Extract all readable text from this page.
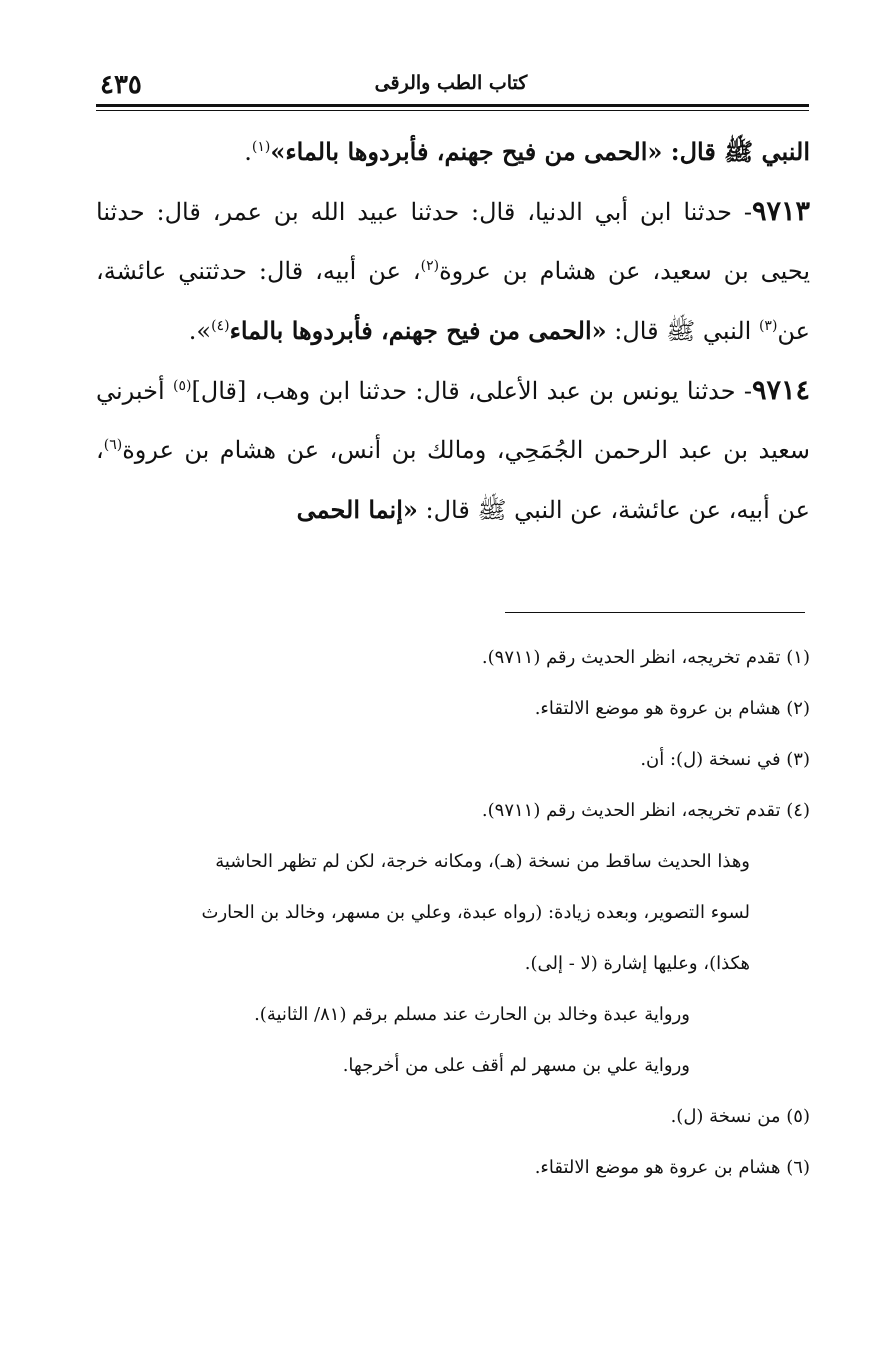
كتاب الطب والرقى
٤٣٥

النبي ﷺ قال: «الحمى من فيح جهنم، فأبردوها بالماء»$^{(١)}$.

٩٧١٣- حدثنا ابن أبي الدنيا، قال: حدثنا عبيد الله بن عمر، قال: حدثنا يحيى بن سعيد، عن هشام بن عروة$^{(٢)}$، عن أبيه، قال: حدثتني عائشة، عن$^{(٣)}$ النبي ﷺ قال: «الحمى من فيح جهنم، فأبردوها بالماء$^{(٤)}$».

٩٧١٤- حدثنا يونس بن عبد الأعلى، قال: حدثنا ابن وهب، [قال]$^{(٥)}$ أخبرني سعيد بن عبد الرحمن الجُمَحِي، ومالك بن أنس، عن هشام بن عروة$^{(٦)}$، عن أبيه، عن عائشة، عن النبي ﷺ قال: «إنما الحمى

(١) تقدم تخريجه، انظر الحديث رقم (٩٧١١).

(٢) هشام بن عروة هو موضع الالتقاء.

(٣) في نسخة (ل): أن.

(٤) تقدم تخريجه، انظر الحديث رقم (٩٧١١).

وهذا الحديث ساقط من نسخة (هـ)، ومكانه خرجة، لكن لم تظهر الحاشية

لسوء التصوير، وبعده زيادة: (رواه عبدة، وعلي بن مسهر، وخالد بن الحارث

هكذا)، وعليها إشارة (لا - إلى).

ورواية عبدة وخالد بن الحارث عند مسلم برقم (٨١/ الثانية).

ورواية علي بن مسهر لم أقف على من أخرجها.

(٥) من نسخة (ل).

(٦) هشام بن عروة هو موضع الالتقاء.
